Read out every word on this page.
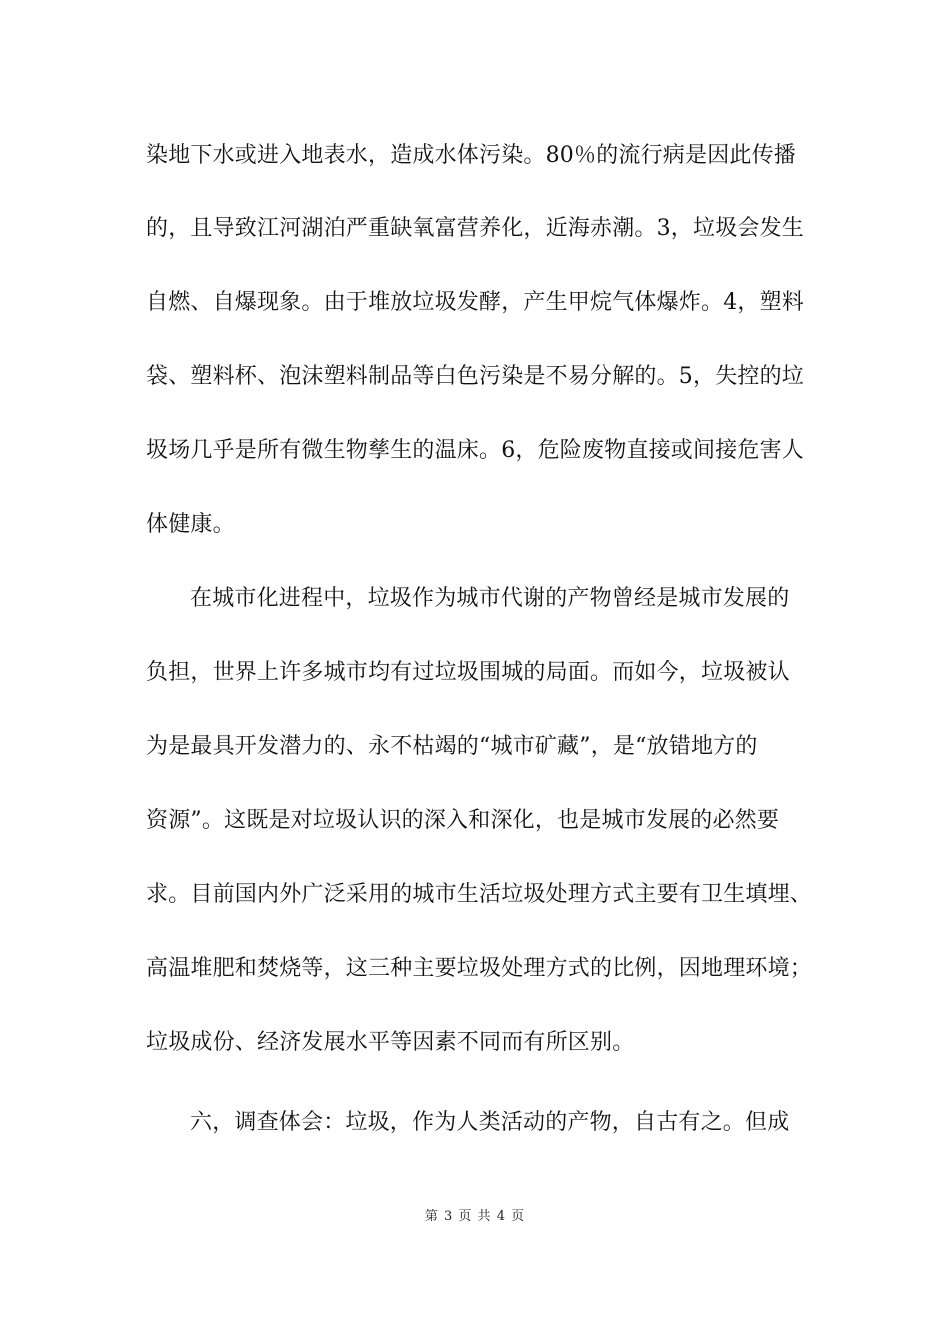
染地下水或进入地表水，造成水体污染。80％的流行病是因此传播
的，且导致江河湖泊严重缺氧富营养化，近海赤潮。3，垃圾会发生
自燃、自爆现象。由于堆放垃圾发酵，产生甲烷气体爆炸。4，塑料
袋、塑料杯、泡沫塑料制品等白色污染是不易分解的。5，失控的垃
圾场几乎是所有微生物孳生的温床。6，危险废物直接或间接危害人
体健康。
在城市化进程中，垃圾作为城市代谢的产物曾经是城市发展的
负担，世界上许多城市均有过垃圾围城的局面。而如今，垃圾被认
为是最具开发潜力的、永不枯竭的“城市矿藏”，是“放错地方的
资源”。这既是对垃圾认识的深入和深化，也是城市发展的必然要
求。目前国内外广泛采用的城市生活垃圾处理方式主要有卫生填埋、
高温堆肥和焚烧等，这三种主要垃圾处理方式的比例，因地理环境；
垃圾成份、经济发展水平等因素不同而有所区别。
六，调查体会：垃圾，作为人类活动的产物，自古有之。但成
第 3 页 共 4 页
